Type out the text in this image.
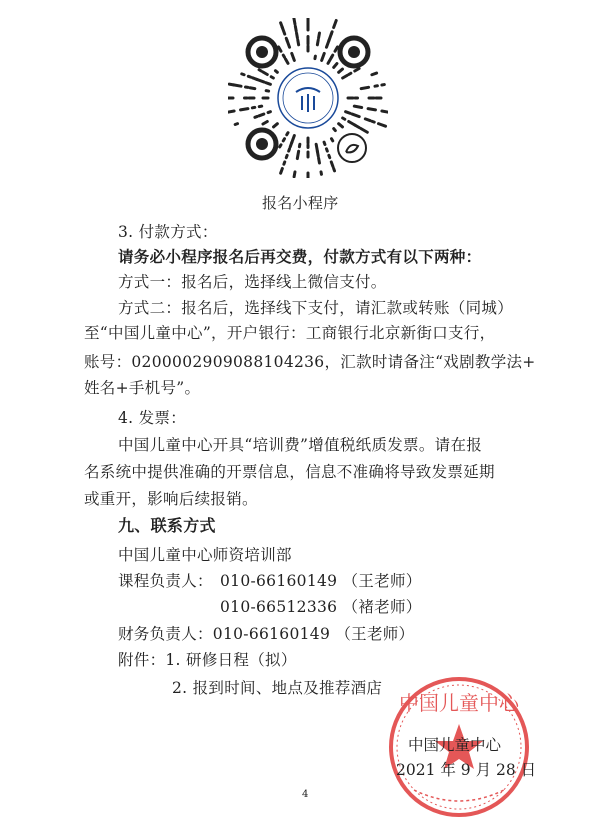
报名小程序
3. 付款方式：
请务必小程序报名后再交费，付款方式有以下两种：
方式一：报名后，选择线上微信支付。
方式二：报名后，选择线下支付，请汇款或转账（同城）
至“中国儿童中心”，开户银行：工商银行北京新街口支行，
账号：0200002909088104236，汇款时请备注“戏剧教学法+
姓名+手机号”。
4. 发票：
中国儿童中心开具“培训费”增值税纸质发票。请在报
名系统中提供准确的开票信息，信息不准确将导致发票延期
或重开，影响后续报销。
九、联系方式
中国儿童中心师资培训部
课程负责人： 010-66160149 （王老师）
010-66512336 （褚老师）
财务负责人：010-66160149 （王老师）
附件：1. 研修日程（拟）
2. 报到时间、地点及推荐酒店
中国儿童中心
中国儿童中心
2021 年 9 月 28 日
4
